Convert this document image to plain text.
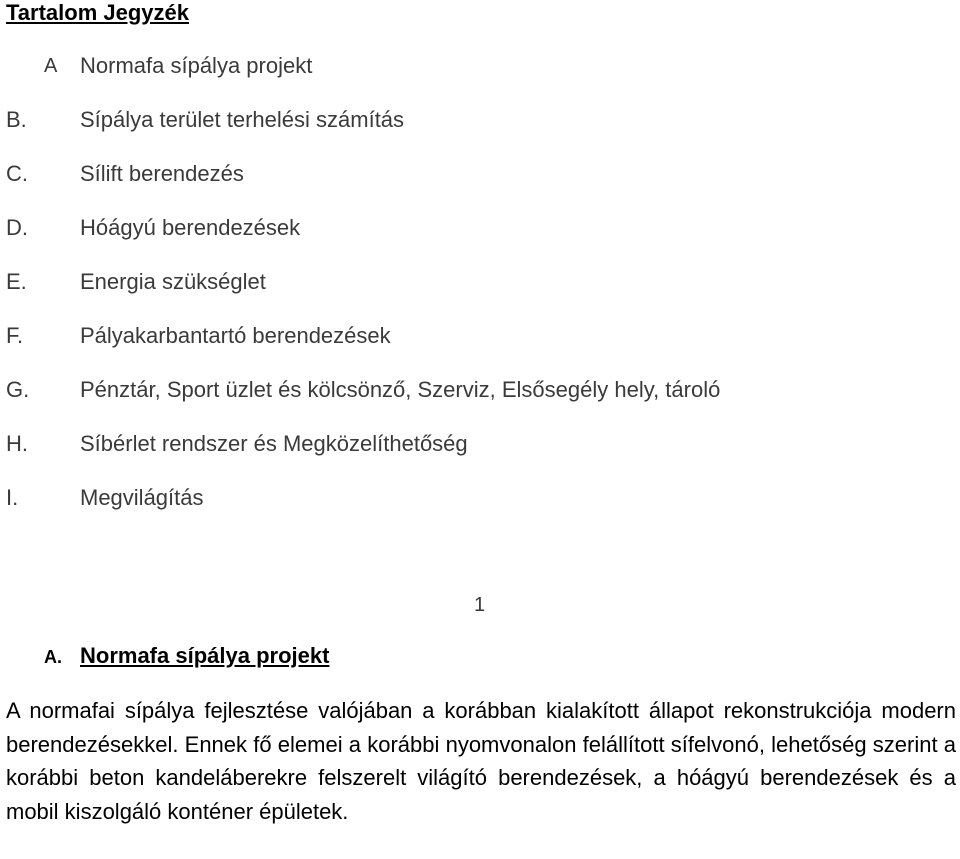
Tartalom Jegyzék
A Normafa sípálya projekt
B. Sípálya terület terhelési számítás
C. Sílift berendezés
D. Hóágyú berendezések
E. Energia szükséglet
F.	Pályakarbantartó berendezések
G. Pénztár, Sport üzlet és kölcsönző, Szerviz, Elsősegély hely, tároló
H. Síbérlet rendszer és Megközelíthetőség
I.	Megvilágítás
1
A. Normafa sípálya projekt

A normafai sípálya fejlesztése valójában a korábban kialakított állapot rekonstrukciója modern berendezésekkel. Ennek fő elemei a korábbi nyomvonalon felállított sífelvonó, lehetőség szerint a korábbi beton kandeláberekre felszerelt világító berendezések, a hóágyú berendezések és a mobil kiszolgáló konténer épületek.
